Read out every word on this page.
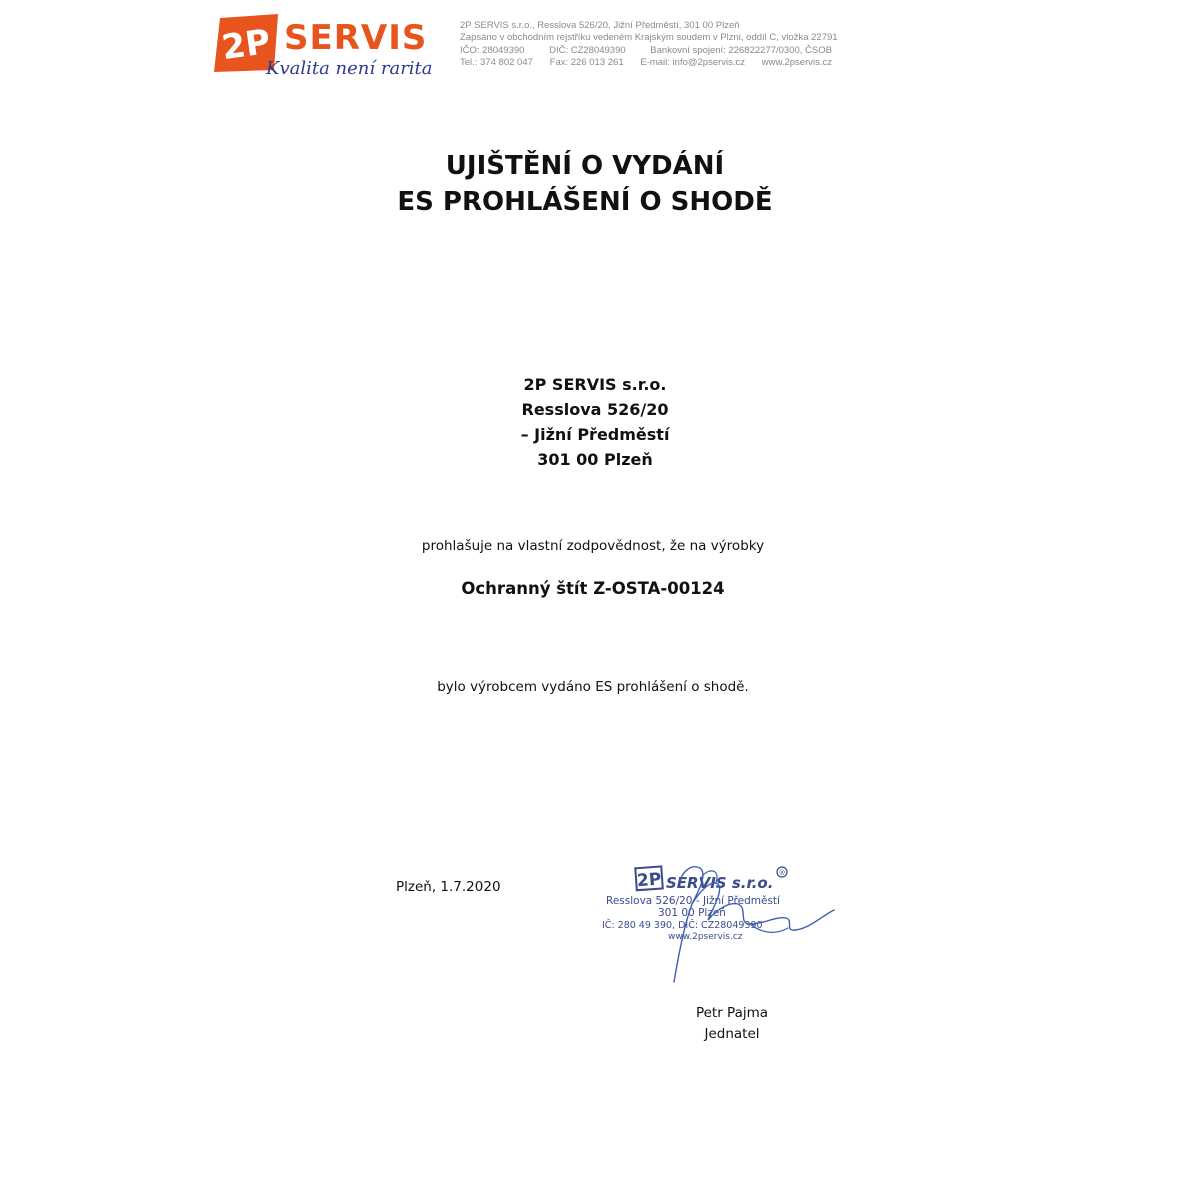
2P SERVIS
Kvalita není rarita
2P SERVIS s.r.o., Resslova 526/20, Jižní Předměstí, 301 00 Plzeň
Zapsáno v obchodním rejstříku vedeném Krajským soudem v Plzni, oddíl C, vložka 22791
IČO: 28049390	DIČ: CZ28049390	Bankovní spojení: 226822277/0300, ČSOB
Tel.: 374 802 047 Fax: 226 013 261 E-mail: info@2pservis.cz www.2pservis.cz
UJIŠTĚNÍ O VYDÁNÍ
ES PROHLÁŠENÍ O SHODĚ
2P SERVIS s.r.o.
Resslova 526/20
– Jižní Předměstí
301 00 Plzeň
prohlašuje na vlastní zodpovědnost, že na výrobky
Ochranný štít Z-OSTA-00124
bylo výrobcem vydáno ES prohlášení o shodě.
Plzeň, 1.7.2020	2P SERVIS s.r.o.
®
Resslova 526/20 - Jižní Předměstí
301 00 Plzeň
IČ: 280 49 390, DIČ: CZ28049390
www.2pservis.cz
Petr Pajma
Jednatel
